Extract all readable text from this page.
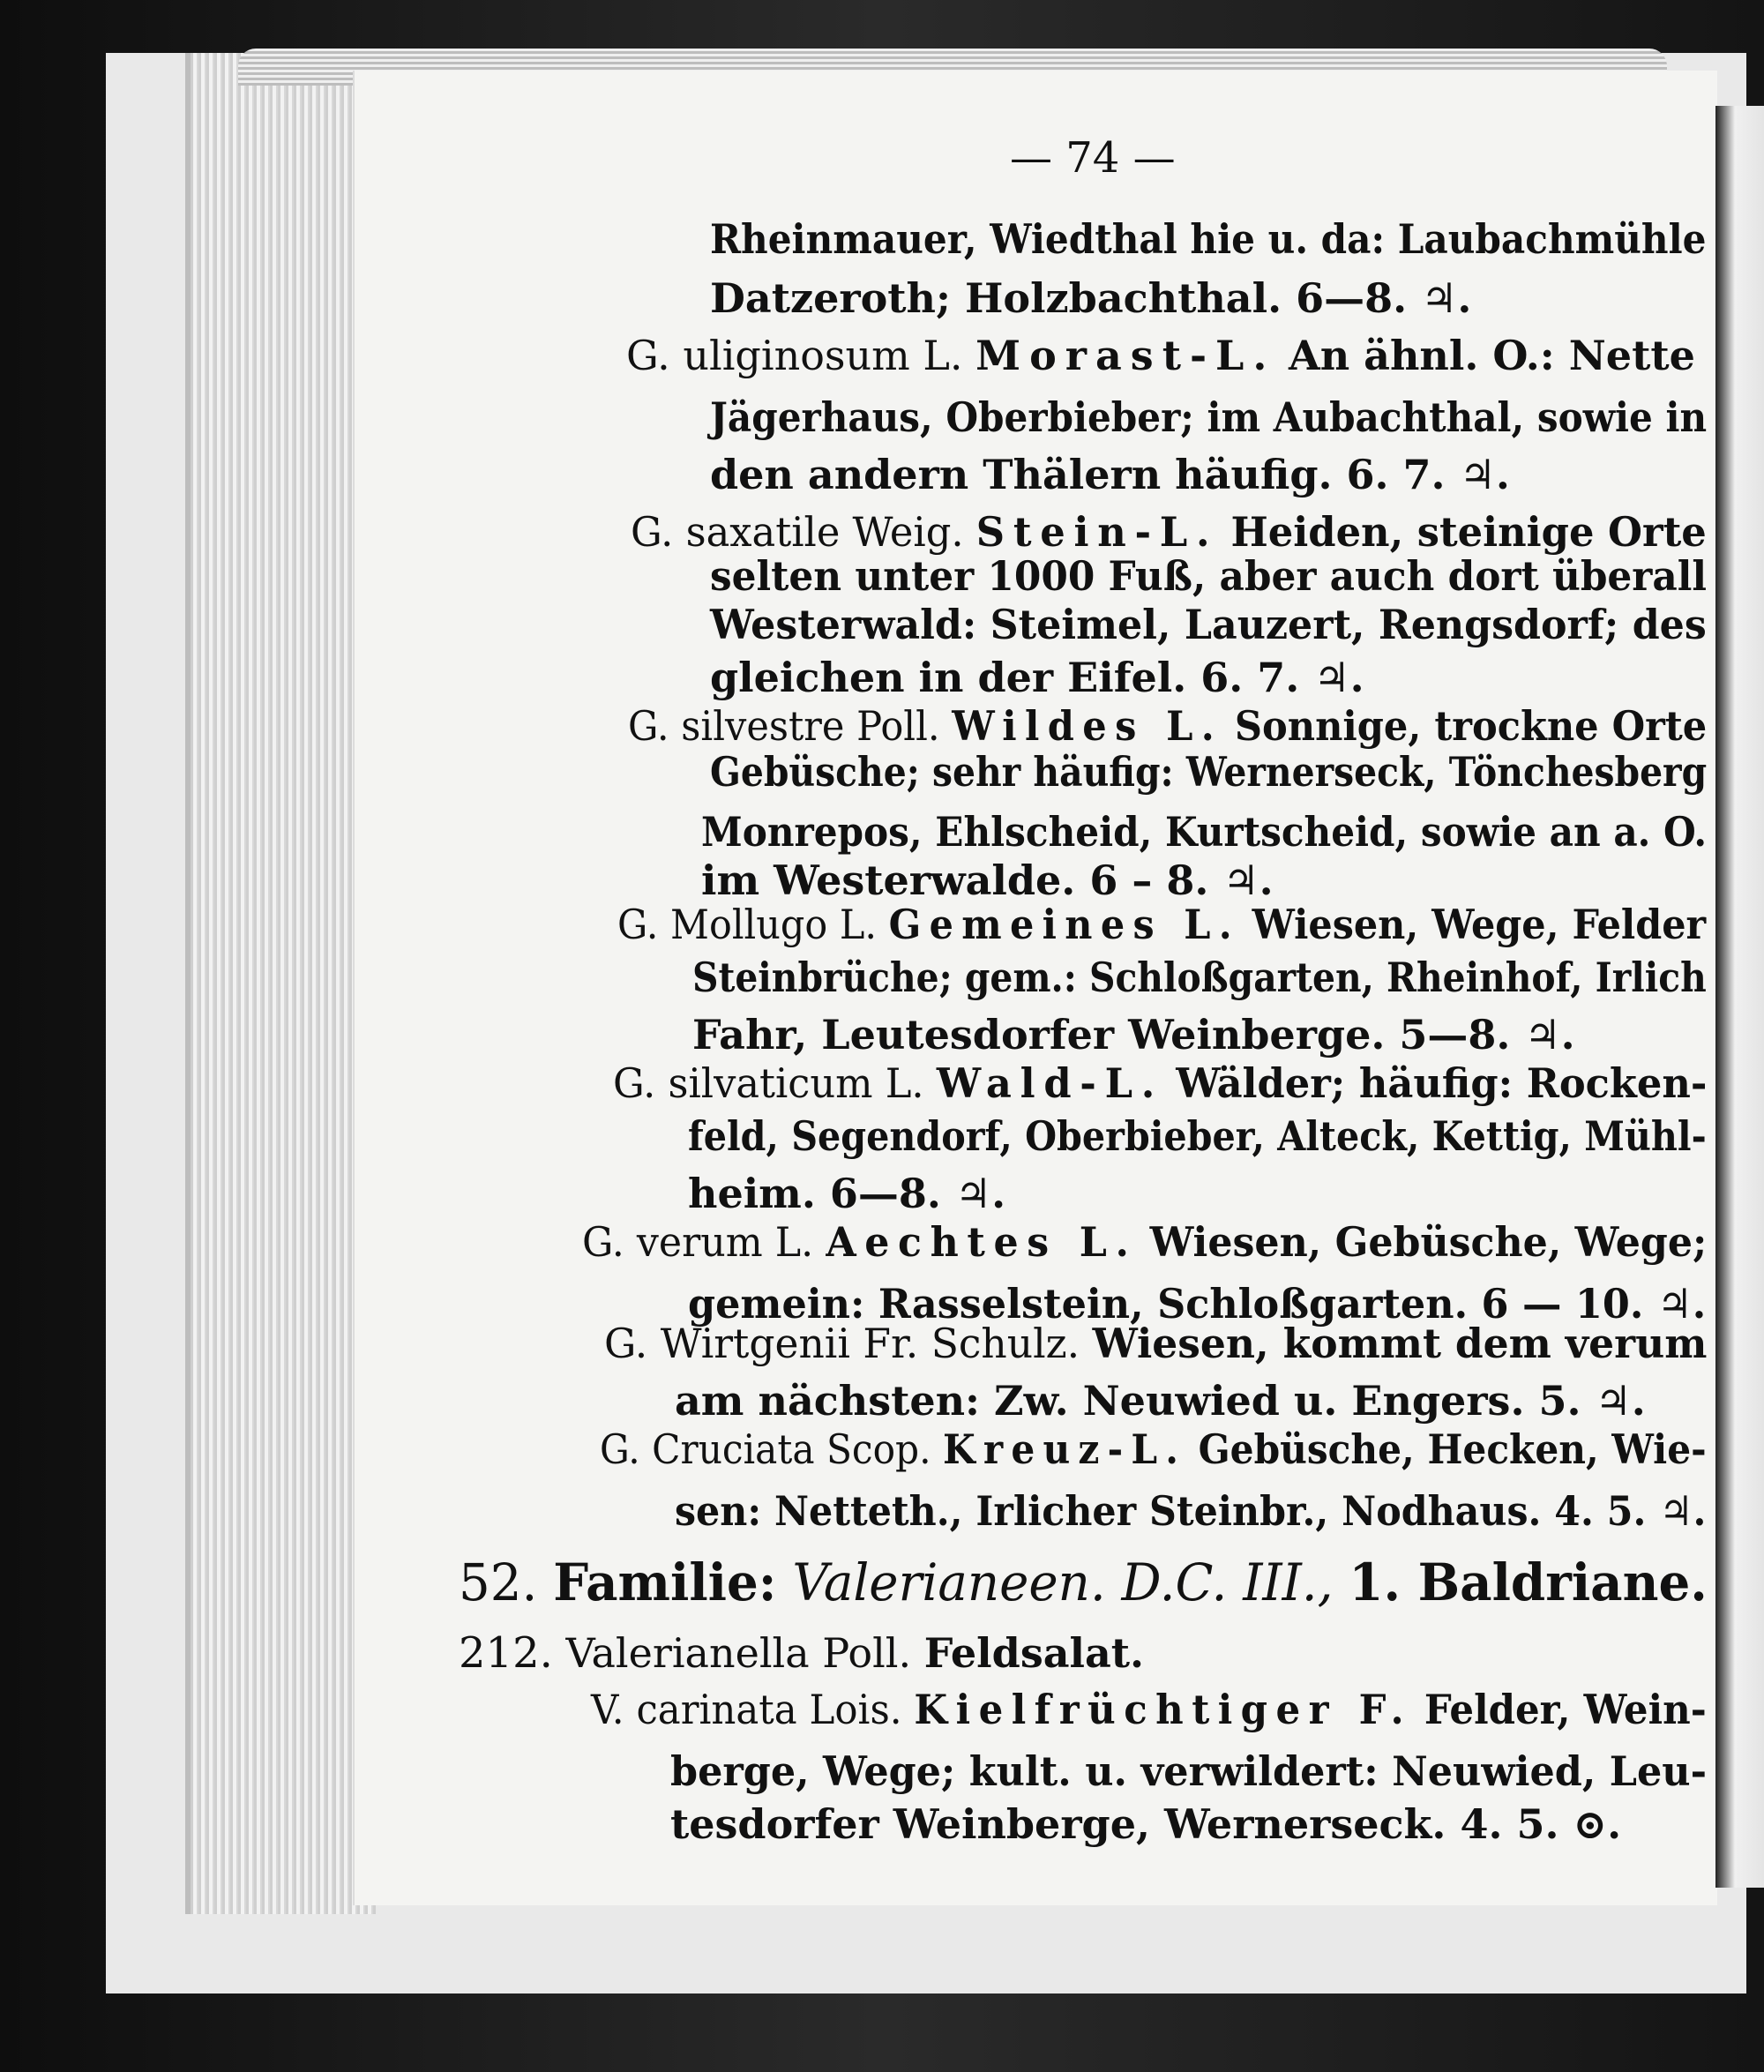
— 74 —
Rheinmauer, Wiedthal hie u. da: Laubachmühle
Datzeroth; Holzbachthal. 6—8. ♃.
G. uliginosum L. Morast-L. An ähnl. O.: Nette
Jägerhaus, Oberbieber; im Aubachthal, sowie in
den andern Thälern häufig. 6. 7. ♃.
G. saxatile Weig. Stein-L. Heiden, steinige Orte
selten unter 1000 Fuß, aber auch dort überall
Westerwald: Steimel, Lauzert, Rengsdorf; des
gleichen in der Eifel. 6. 7. ♃.
G. silvestre Poll. Wildes L. Sonnige, trockne Orte
Gebüsche; sehr häufig: Wernerseck, Tönchesberg
Monrepos, Ehlscheid, Kurtscheid, sowie an a. O.
im Westerwalde. 6 – 8. ♃.
G. Mollugo L. Gemeines L. Wiesen, Wege, Felder
Steinbrüche; gem.: Schloßgarten, Rheinhof, Irlich
Fahr, Leutesdorfer Weinberge. 5—8. ♃.
G. silvaticum L. Wald-L. Wälder; häufig: Rocken-
feld, Segendorf, Oberbieber, Alteck, Kettig, Mühl-
heim. 6—8. ♃.
G. verum L. Aechtes L. Wiesen, Gebüsche, Wege;
gemein: Rasselstein, Schloßgarten. 6 — 10. ♃.
G. Wirtgenii Fr. Schulz. Wiesen, kommt dem verum
am nächsten: Zw. Neuwied u. Engers. 5. ♃.
G. Cruciata Scop. Kreuz-L. Gebüsche, Hecken, Wie-
sen: Netteth., Irlicher Steinbr., Nodhaus. 4. 5. ♃.
52. Familie: Valerianeen. D.C. III., 1. Baldriane.
212. Valerianella Poll. Feldsalat.
V. carinata Lois. Kielfrüchtiger F. Felder, Wein-
berge, Wege; kult. u. verwildert: Neuwied, Leu-
tesdorfer Weinberge, Wernerseck. 4. 5. ⊙.
